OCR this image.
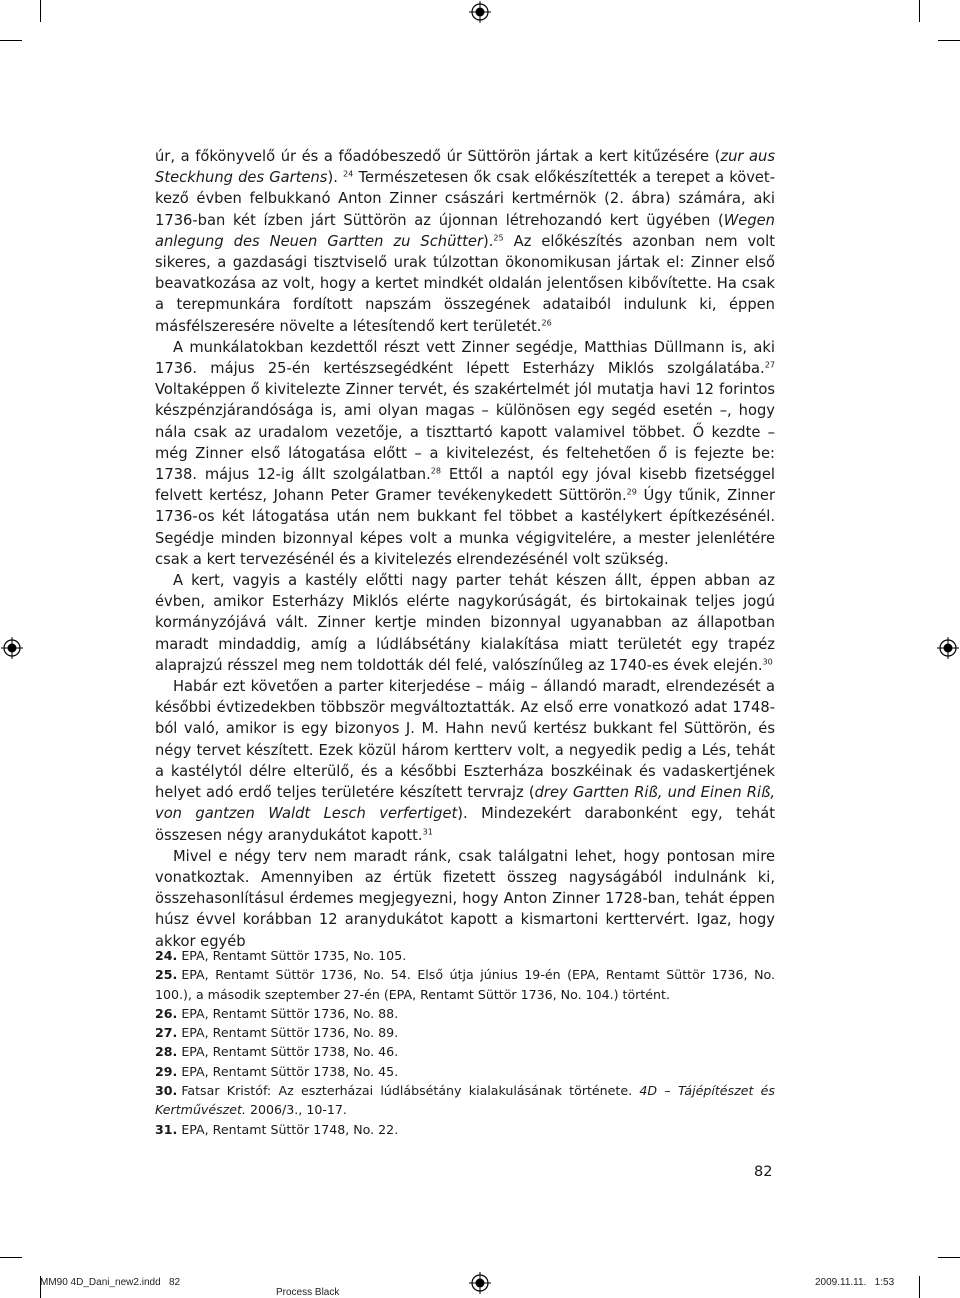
úr, a főkönyvelő úr és a főadóbeszedő úr Süttörön jártak a kert kitűzésére (zur aus Steckhung des Gartens). $^{24}$ Természetesen ők csak előkészítették a terepet a következő évben felbukkanó Anton Zinner császári kertmérnök (2. ábra) számára, aki 1736-ban két ízben járt Süttörön az újonnan létrehozandó kert ügyében (Wegen anlegung des Neuen Gartten zu Schütter).$^{25}$ Az előkészítés azonban nem volt sikeres, a gazdasági tisztviselő urak túlzottan ökonomikusan jártak el: Zinner első beavatkozása az volt, hogy a kertet mindkét oldalán jelentősen kibővítette. Ha csak a terepmunkára fordított napszám összegének adataiból indulunk ki, éppen másfélszeresére növelte a létesítendő kert területét.$^{26}$

A munkálatokban kezdettől részt vett Zinner segédje, Matthias Düllmann is, aki 1736. május 25-én kertészsegédként lépett Esterházy Miklós szolgálatába.$^{27}$ Voltaképpen ő kivitelezte Zinner tervét, és szakértelmét jól mutatja havi 12 forintos készpénzjárandósága is, ami olyan magas – különösen egy segéd esetén –, hogy nála csak az uradalom vezetője, a tiszttartó kapott valamivel többet. Ő kezdte – még Zinner első látogatása előtt – a kivitelezést, és feltehetően ő is fejezte be: 1738. május 12-ig állt szolgálatban.$^{28}$ Ettől a naptól egy jóval kisebb fizetséggel felvett kertész, Johann Peter Gramer tevékenykedett Süttörön.$^{29}$ Úgy tűnik, Zinner 1736-os két látogatása után nem bukkant fel többet a kastélykert építkezésénél. Segédje minden bizonnyal képes volt a munka végigvitelére, a mester jelenlétére csak a kert tervezésénél és a kivitelezés elrendezésénél volt szükség.

A kert, vagyis a kastély előtti nagy parter tehát készen állt, éppen abban az évben, amikor Esterházy Miklós elérte nagykorúságát, és birtokainak teljes jogú kormányzójává vált. Zinner kertje minden bizonnyal ugyanabban az állapotban maradt mindaddig, amíg a lúdlábsétány kialakítása miatt területét egy trapéz alaprajzú résszel meg nem toldották dél felé, valószínűleg az 1740-es évek elején.$^{30}$

Habár ezt követően a parter kiterjedése – máig – állandó maradt, elrendezését a későbbi évtizedekben többször megváltoztatták. Az első erre vonatkozó adat 1748-ból való, amikor is egy bizonyos J. M. Hahn nevű kertész bukkant fel Süttörön, és négy tervet készített. Ezek közül három kertterv volt, a negyedik pedig a Lés, tehát a kastélytól délre elterülő, és a későbbi Eszterháza boszkéinak és vadaskertjének helyet adó erdő teljes területére készített tervrajz (drey Gartten Riß, und Einen Riß, von gantzen Waldt Lesch verfertiget). Mindezekért darabonként egy, tehát összesen négy aranydukátot kapott.$^{31}$

Mivel e négy terv nem maradt ránk, csak találgatni lehet, hogy pontosan mire vonatkoztak. Amennyiben az értük fizetett összeg nagyságából indulnánk ki, összehasonlításul érdemes megjegyezni, hogy Anton Zinner 1728-ban, tehát éppen húsz évvel korábban 12 aranydukátot kapott a kismartoni kerttervért. Igaz, hogy akkor egyéb

24. EPA, Rentamt Süttör 1735, No. 105.

25. EPA, Rentamt Süttör 1736, No. 54. Első útja június 19-én (EPA, Rentamt Süttör 1736, No. 100.), a második szeptember 27-én (EPA, Rentamt Süttör 1736, No. 104.) történt.

26. EPA, Rentamt Süttör 1736, No. 88.

27. EPA, Rentamt Süttör 1736, No. 89.

28. EPA, Rentamt Süttör 1738, No. 46.

29. EPA, Rentamt Süttör 1738, No. 45.

30. Fatsar Kristóf: Az eszterházai lúdlábsétány kialakulásának története. 4D – Tájépítészet és Kertművészet. 2006/3., 10-17.

31. EPA, Rentamt Süttör 1748, No. 22.

82
MM90 4D_Dani_new2.indd   82
Process Black
2009.11.11.   1:53
